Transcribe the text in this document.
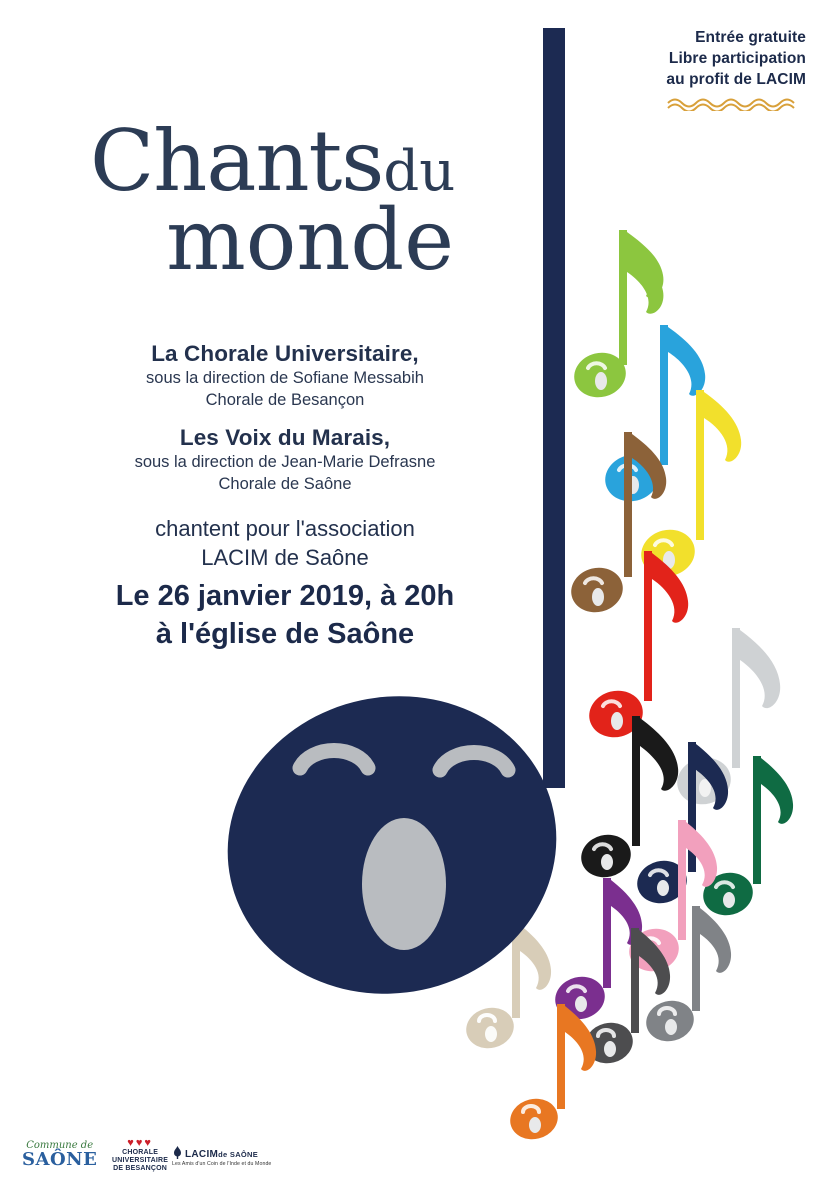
Entrée gratuite
Libre participation
au profit de LACIM
Chantsdu
monde
La Chorale Universitaire,
sous la direction de Sofiane Messabih
Chorale de Besançon
Les Voix du Marais,
sous la direction de Jean-Marie Defrasne
Chorale de Saône
chantent pour l'association
LACIM de Saône
Le 26 janvier 2019, à 20h
à l'église de Saône
Commune de
SAÔNE
♥♥♥
CHORALE
UNIVERSITAIRE
DE BESANÇON
LACIMde SAÔNE
Les Amis d'un Coin de l'Inde et du Monde
